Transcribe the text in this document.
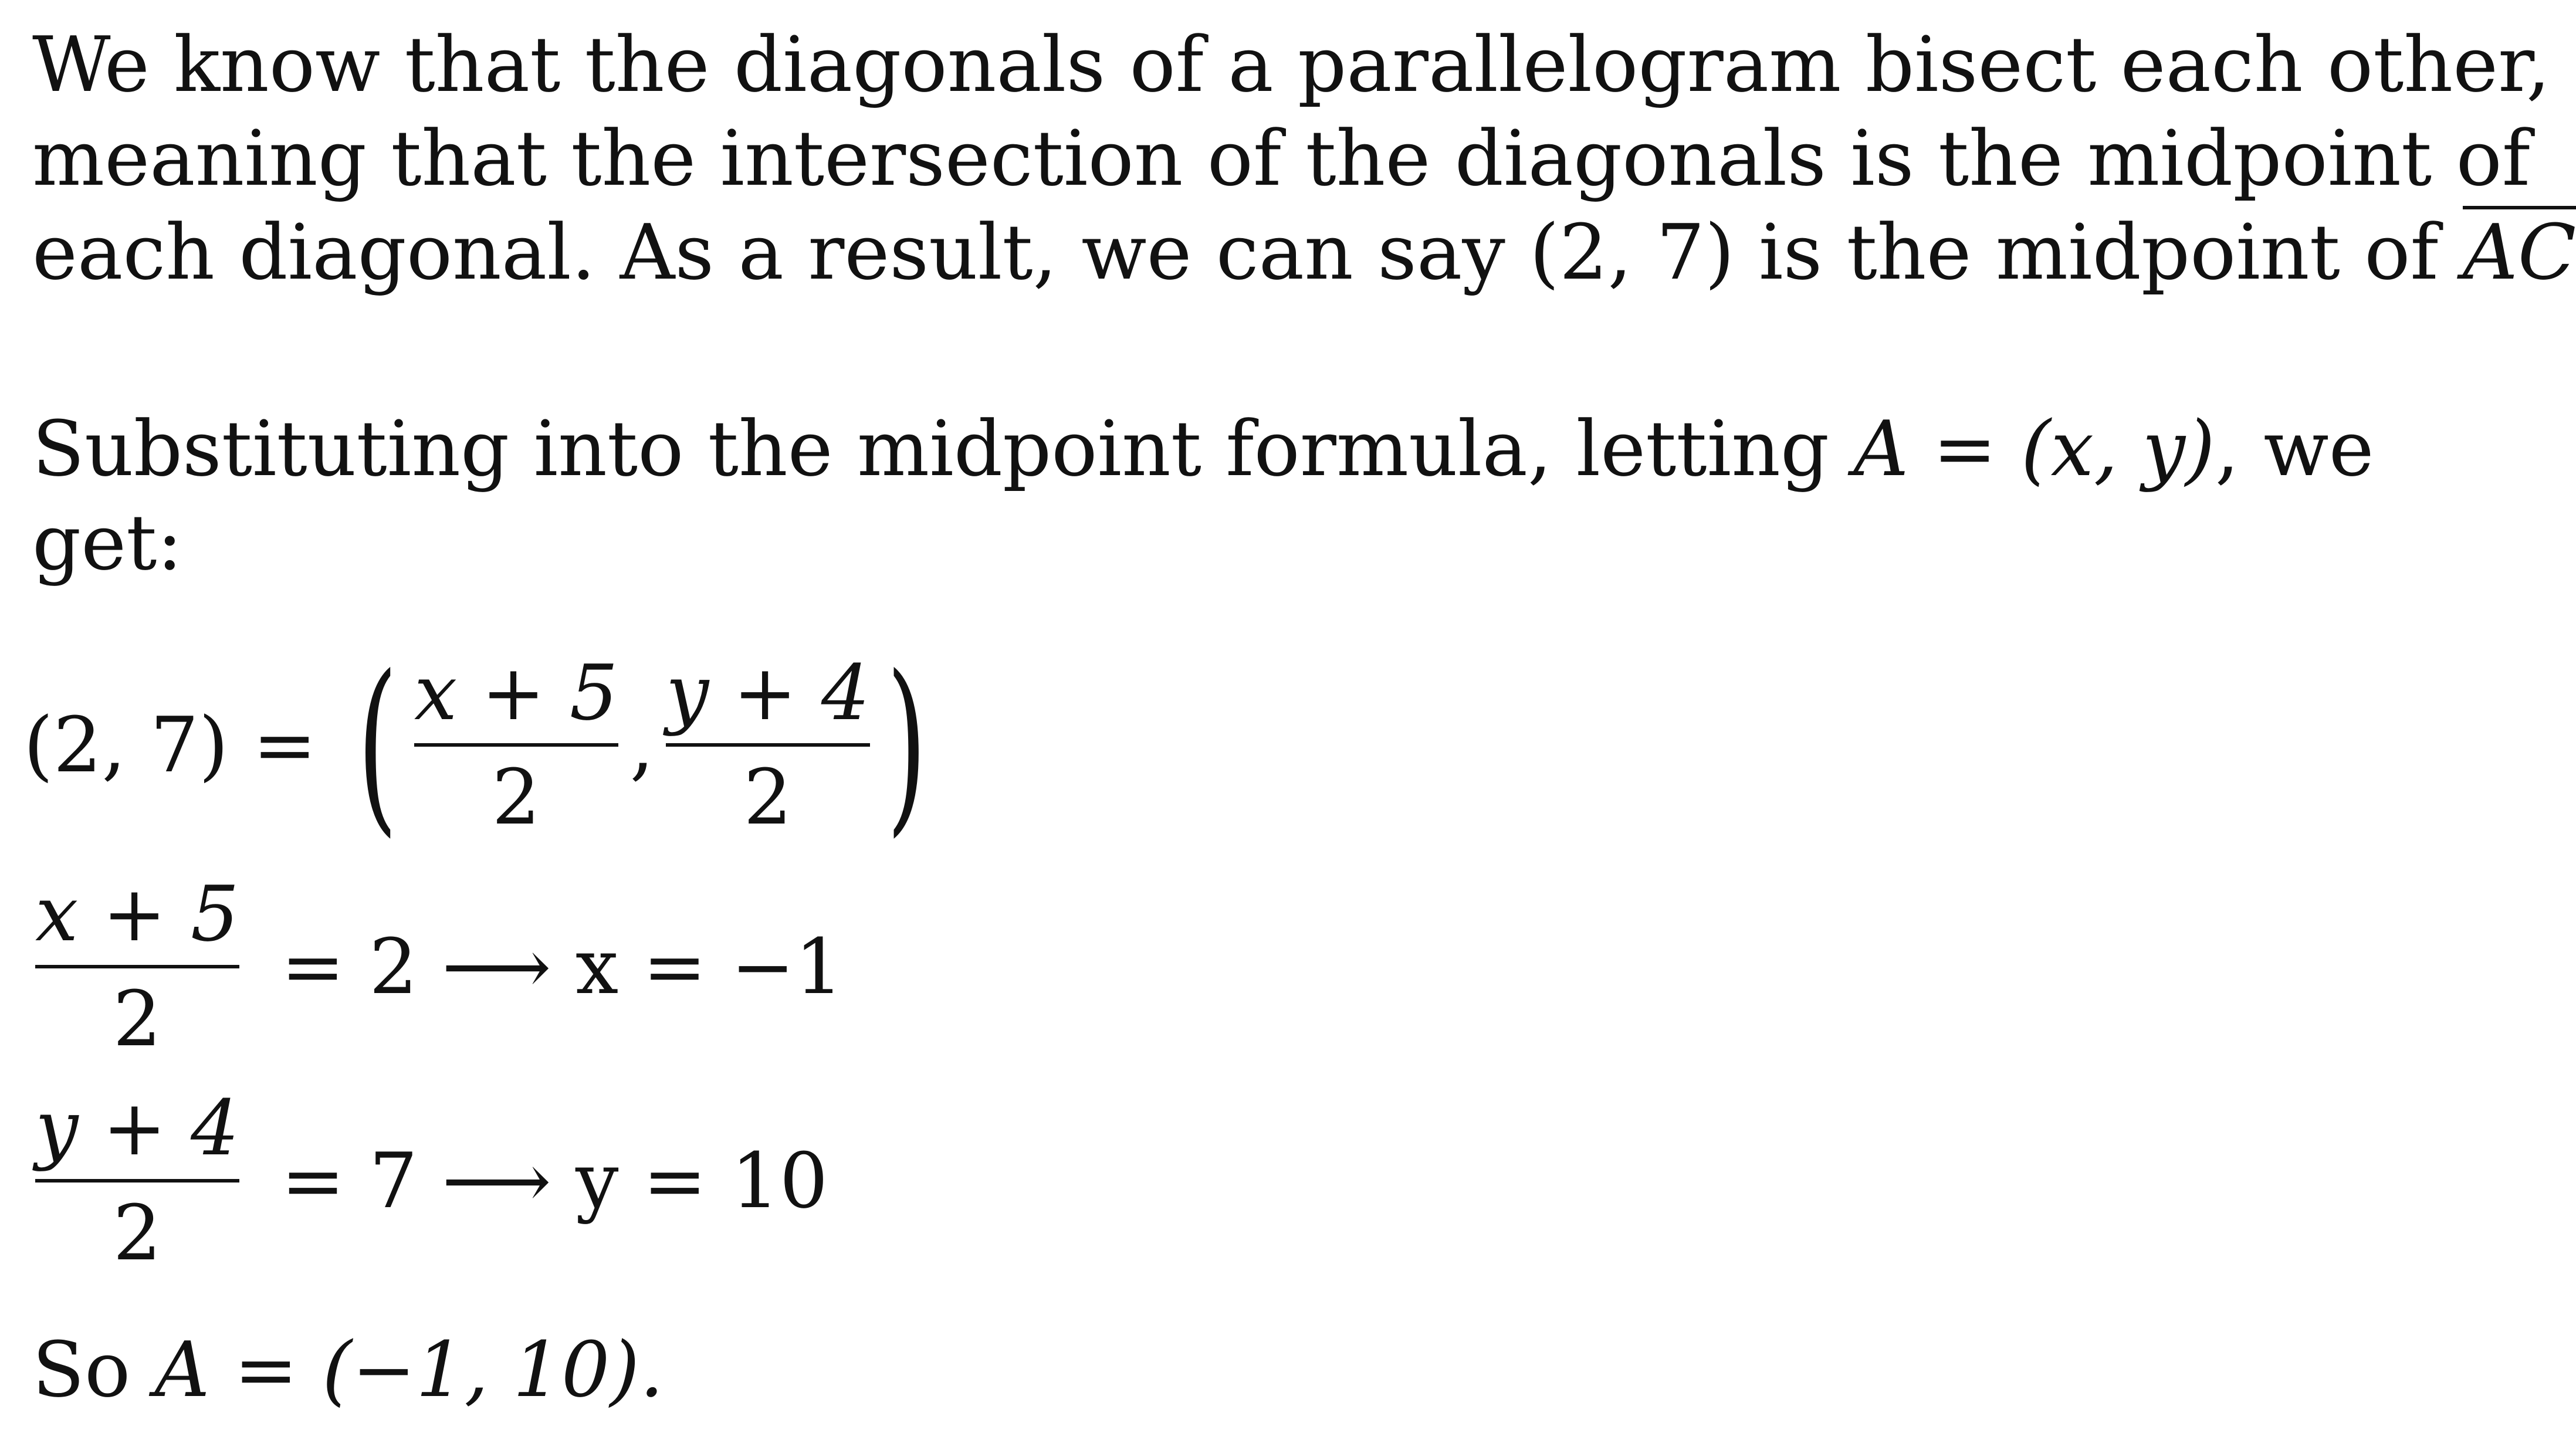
We know that the diagonals of a parallelogram bisect each other,
meaning that the intersection of the diagonals is the midpoint of
each diagonal. As a result, we can say (2, 7) is the midpoint of AC
Substituting into the midpoint formula, letting A = (x, y), we
get:
(2, 7) = ( x + 5
2
,
y + 4
2 )
x + 5
2
= 2 ⟶ x = −1
y + 4
2
= 7 ⟶ y = 10
So A = (−1, 10).
